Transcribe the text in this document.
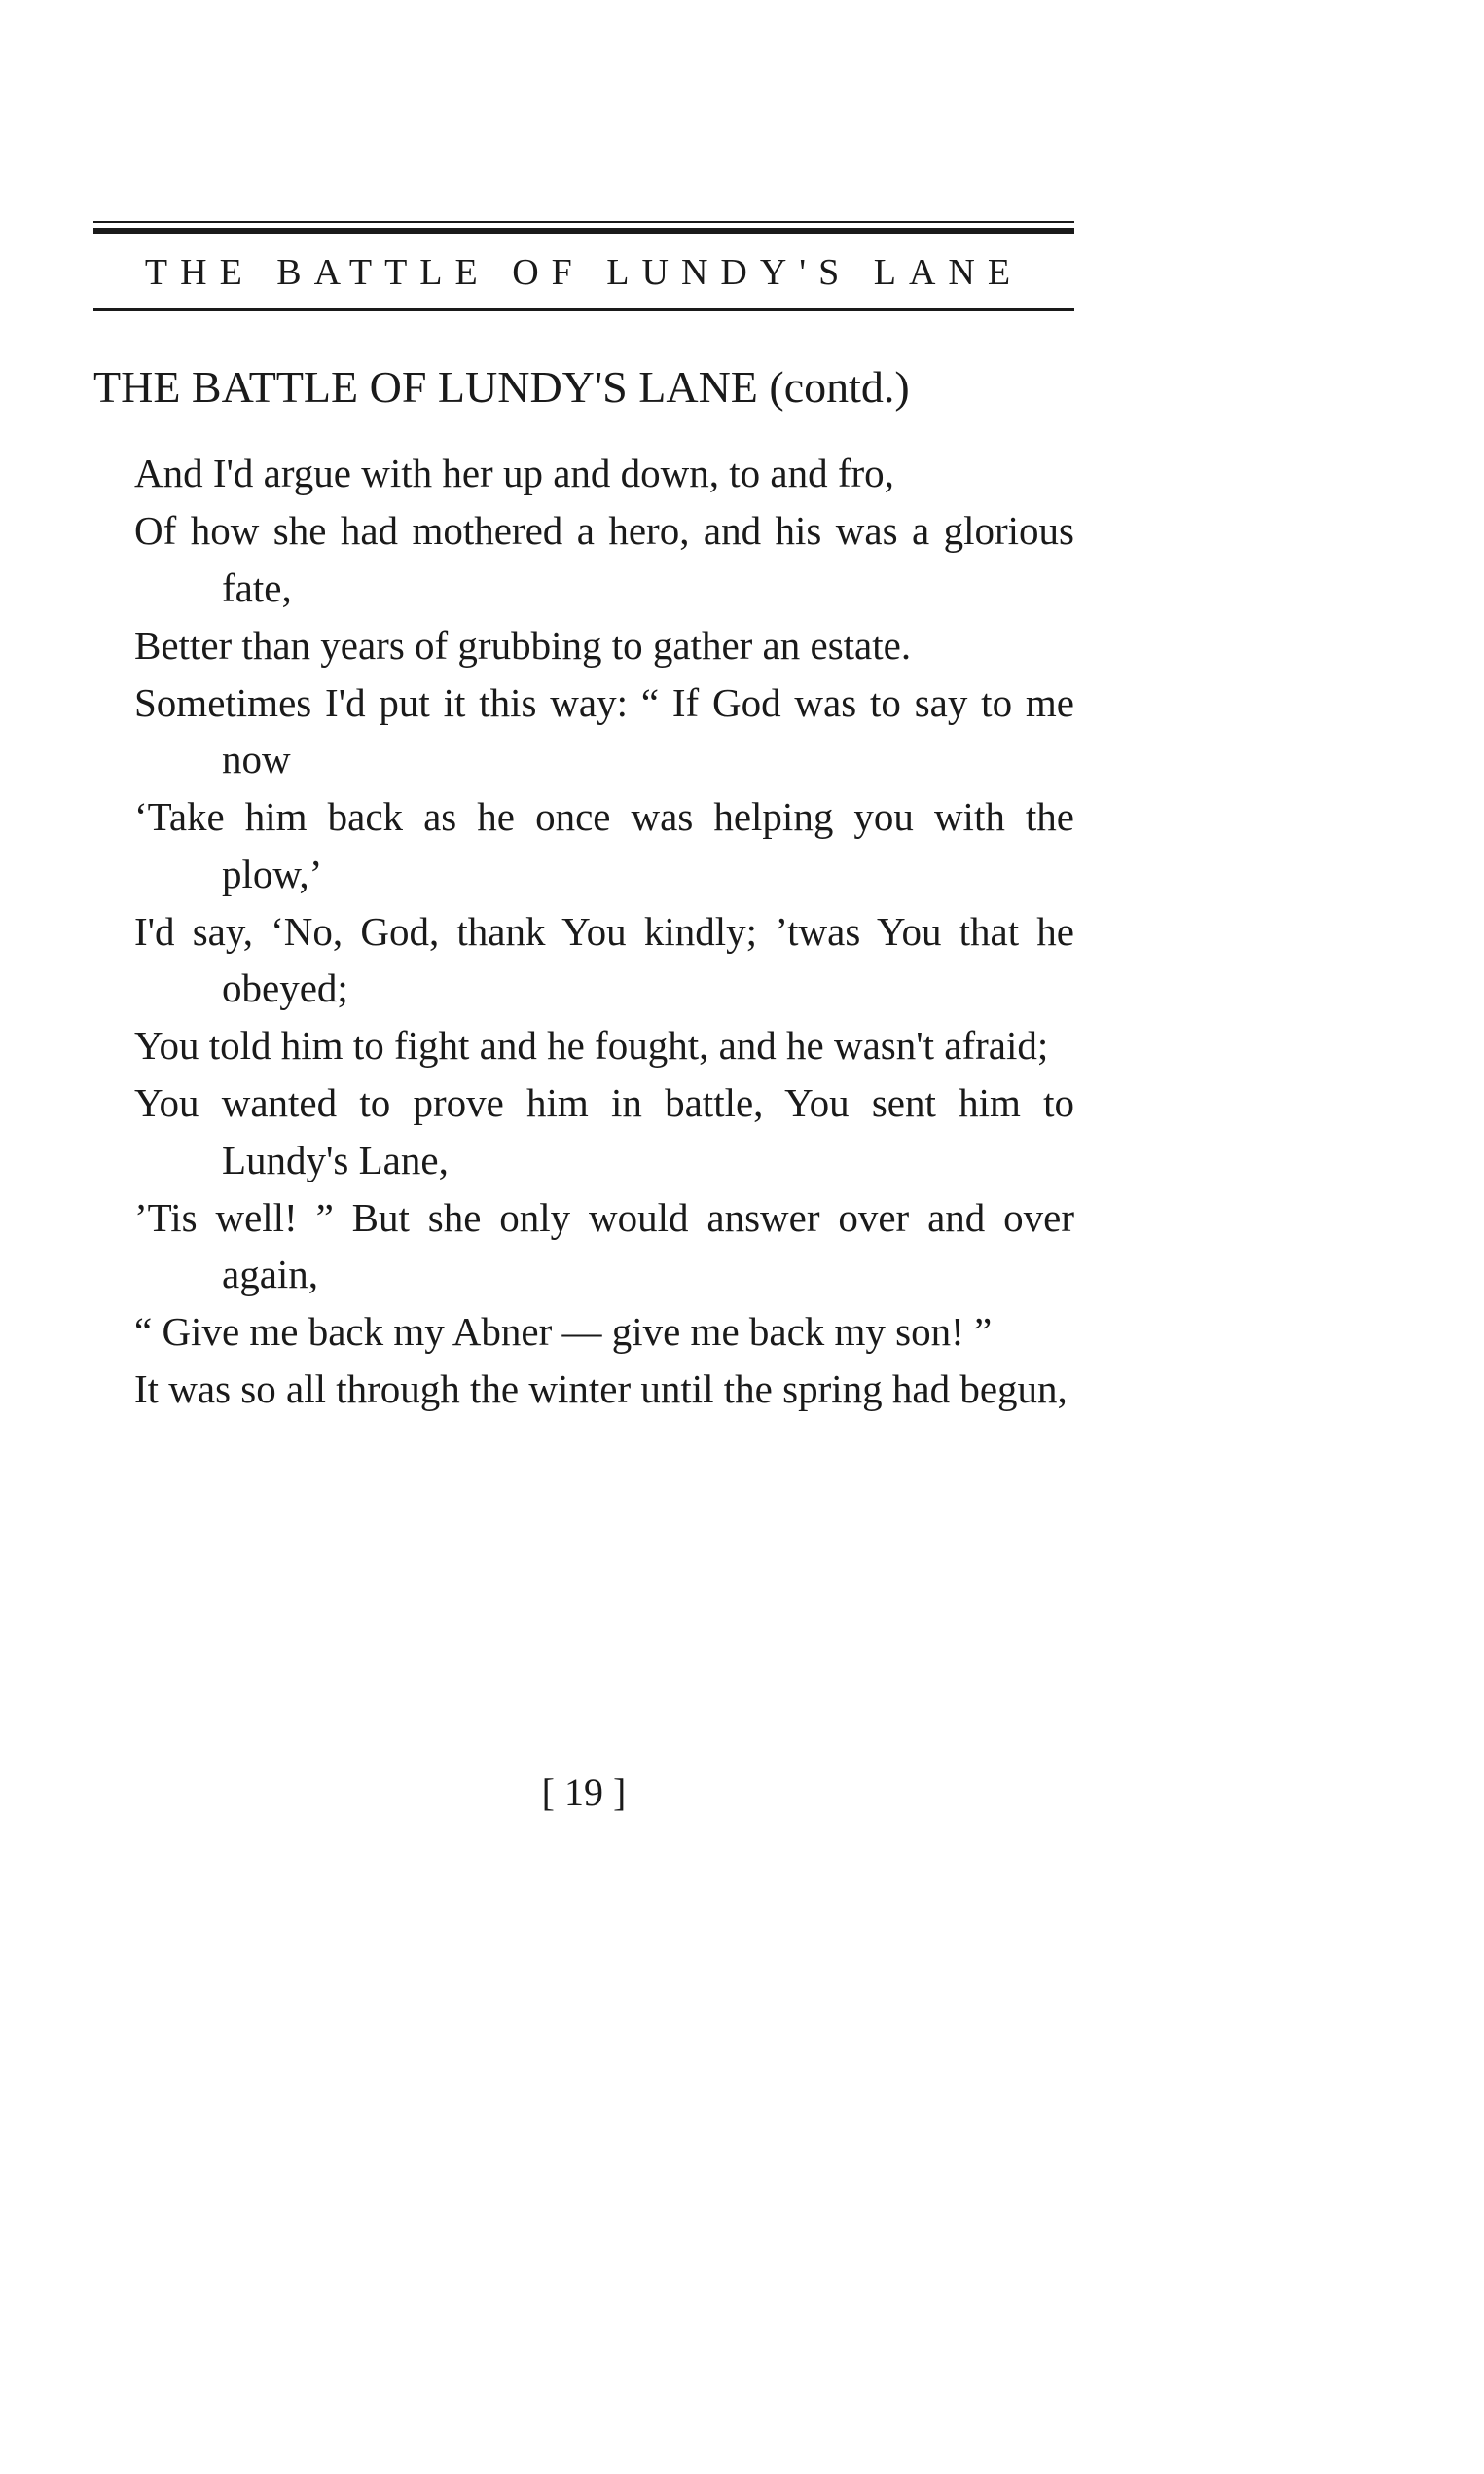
THE BATTLE OF LUNDY'S LANE
THE BATTLE OF LUNDY'S LANE (contd.)
And I'd argue with her up and down, to and fro,
Of how she had mothered a hero, and his was a glorious fate,
Better than years of grubbing to gather an estate.
Sometimes I'd put it this way: “ If God was to say to me now
‘Take him back as he once was helping you with the plow,’
I'd say, ‘No, God, thank You kindly; ’twas You that he obeyed;
You told him to fight and he fought, and he wasn't afraid;
You wanted to prove him in battle, You sent him to Lundy's Lane,
’Tis well! ” But she only would answer over and over again,
“ Give me back my Abner — give me back my son! ”
It was so all through the winter until the spring had begun,
[ 19 ]
